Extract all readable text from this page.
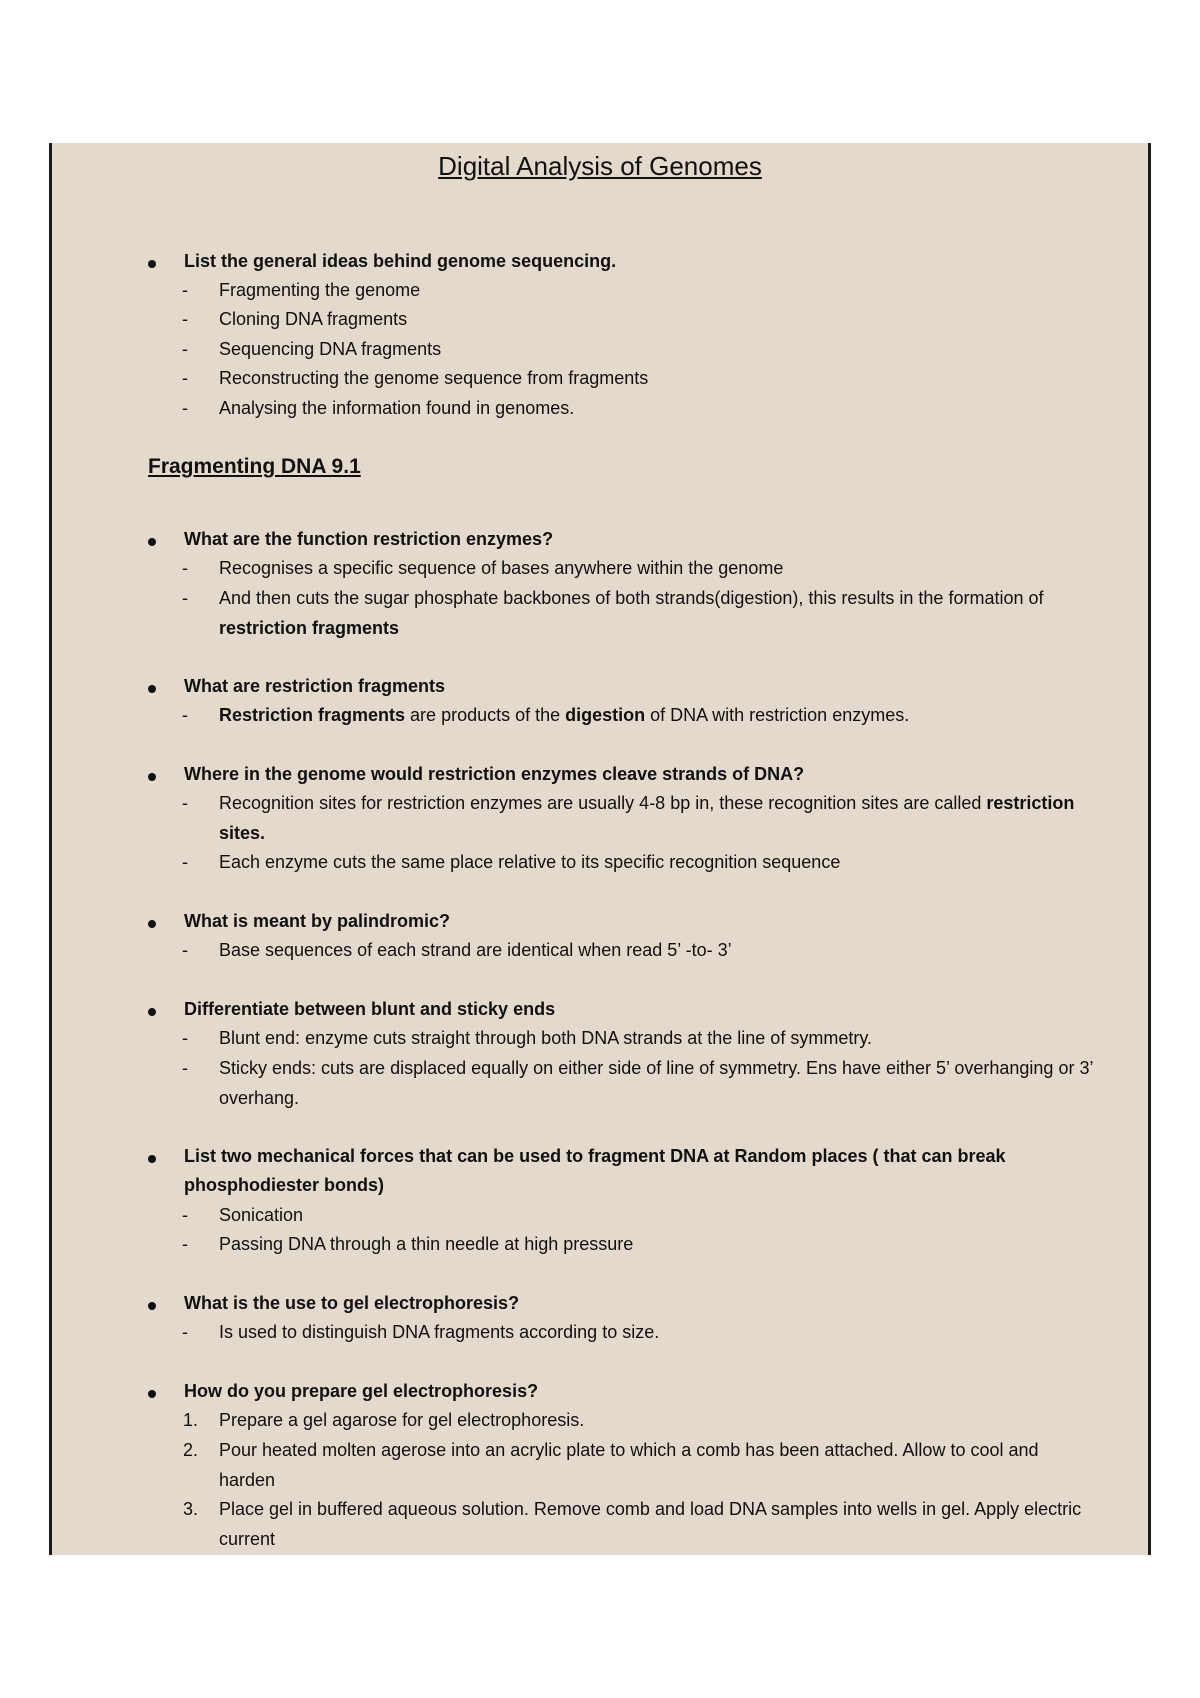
Digital Analysis of Genomes
List the general ideas behind genome sequencing.
- Fragmenting the genome
- Cloning DNA fragments
- Sequencing DNA fragments
- Reconstructing the genome sequence from fragments
- Analysing the information found in genomes.
Fragmenting DNA 9.1
What are the function restriction enzymes?
- Recognises a specific sequence of bases anywhere within the genome
- And then cuts the sugar phosphate backbones of both strands(digestion), this results in the formation of restriction fragments
What are restriction fragments
- Restriction fragments are products of the digestion of DNA with restriction enzymes.
Where in the genome would restriction enzymes cleave strands of DNA?
- Recognition sites for restriction enzymes are usually 4-8 bp in, these recognition sites are called restriction sites.
- Each enzyme cuts the same place relative to its specific recognition sequence
What is meant by palindromic?
- Base sequences of each strand are identical when read 5’ -to- 3’
Differentiate between blunt and sticky ends
- Blunt end: enzyme cuts straight through both DNA strands at the line of symmetry.
- Sticky ends: cuts are displaced equally on either side of line of symmetry. Ens have either 5’ overhanging or 3’ overhang.
List two mechanical forces that can be used to fragment DNA at Random places ( that can break phosphodiester bonds)
- Sonication
- Passing DNA through a thin needle at high pressure
What is the use to gel electrophoresis?
- Is used to distinguish DNA fragments according to size.
How do you prepare gel electrophoresis?
1. Prepare a gel agarose for gel electrophoresis.
2. Pour heated molten agerose into an acrylic plate to which a comb has been attached. Allow to cool and harden
3. Place gel in buffered aqueous solution. Remove comb and load DNA samples into wells in gel. Apply electric current
